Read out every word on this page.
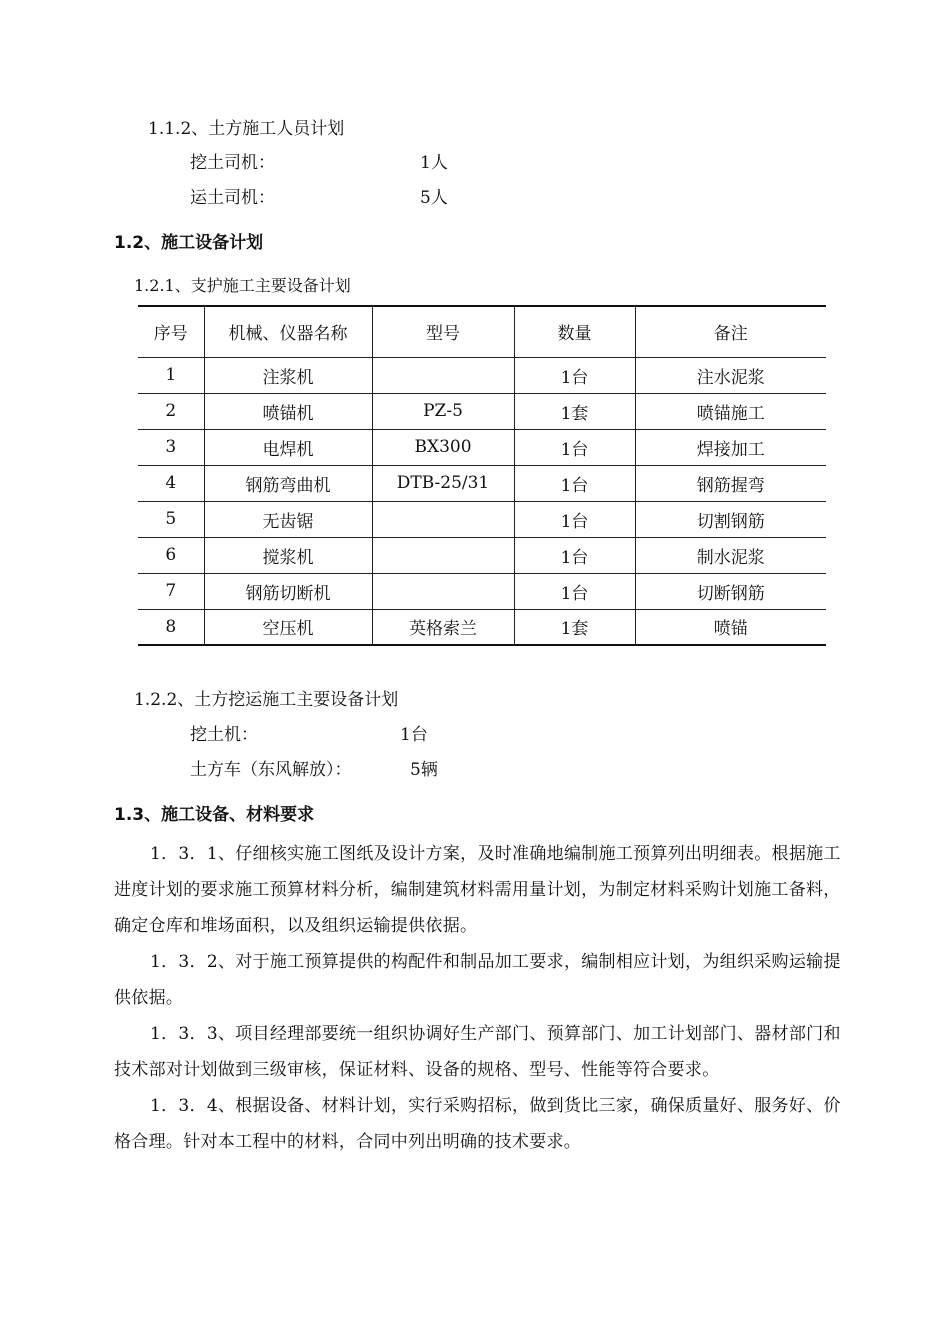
1.1.2、土方施工人员计划
挖土司机：	1人
运土司机：	5人
1.2、施工设备计划
1.2.1、支护施工主要设备计划
序号	机械、仪器名称	型号	数量	备注
1	注浆机		1台	注水泥浆
2	喷锚机	PZ-5	1套	喷锚施工
3	电焊机	BX300	1台	焊接加工
4	钢筋弯曲机	DTB-25/31	1台	钢筋握弯
5	无齿锯		1台	切割钢筋
6	搅浆机		1台	制水泥浆
7	钢筋切断机		1台	切断钢筋
8	空压机	英格索兰	1套	喷锚
1.2.2、土方挖运施工主要设备计划
挖土机：	1台
土方车（东风解放）：	5辆
1.3、施工设备、材料要求
1．3．1、仔细核实施工图纸及设计方案，及时准确地编制施工预算列出明细表。根据施工进度计划的要求施工预算材料分析，编制建筑材料需用量计划，为制定材料采购计划施工备料，确定仓库和堆场面积，以及组织运输提供依据。
1．3．2、对于施工预算提供的构配件和制品加工要求，编制相应计划，为组织采购运输提供依据。
1．3．3、项目经理部要统一组织协调好生产部门、预算部门、加工计划部门、器材部门和技术部对计划做到三级审核，保证材料、设备的规格、型号、性能等符合要求。
1．3．4、根据设备、材料计划，实行采购招标，做到货比三家，确保质量好、服务好、价格合理。针对本工程中的材料，合同中列出明确的技术要求。
